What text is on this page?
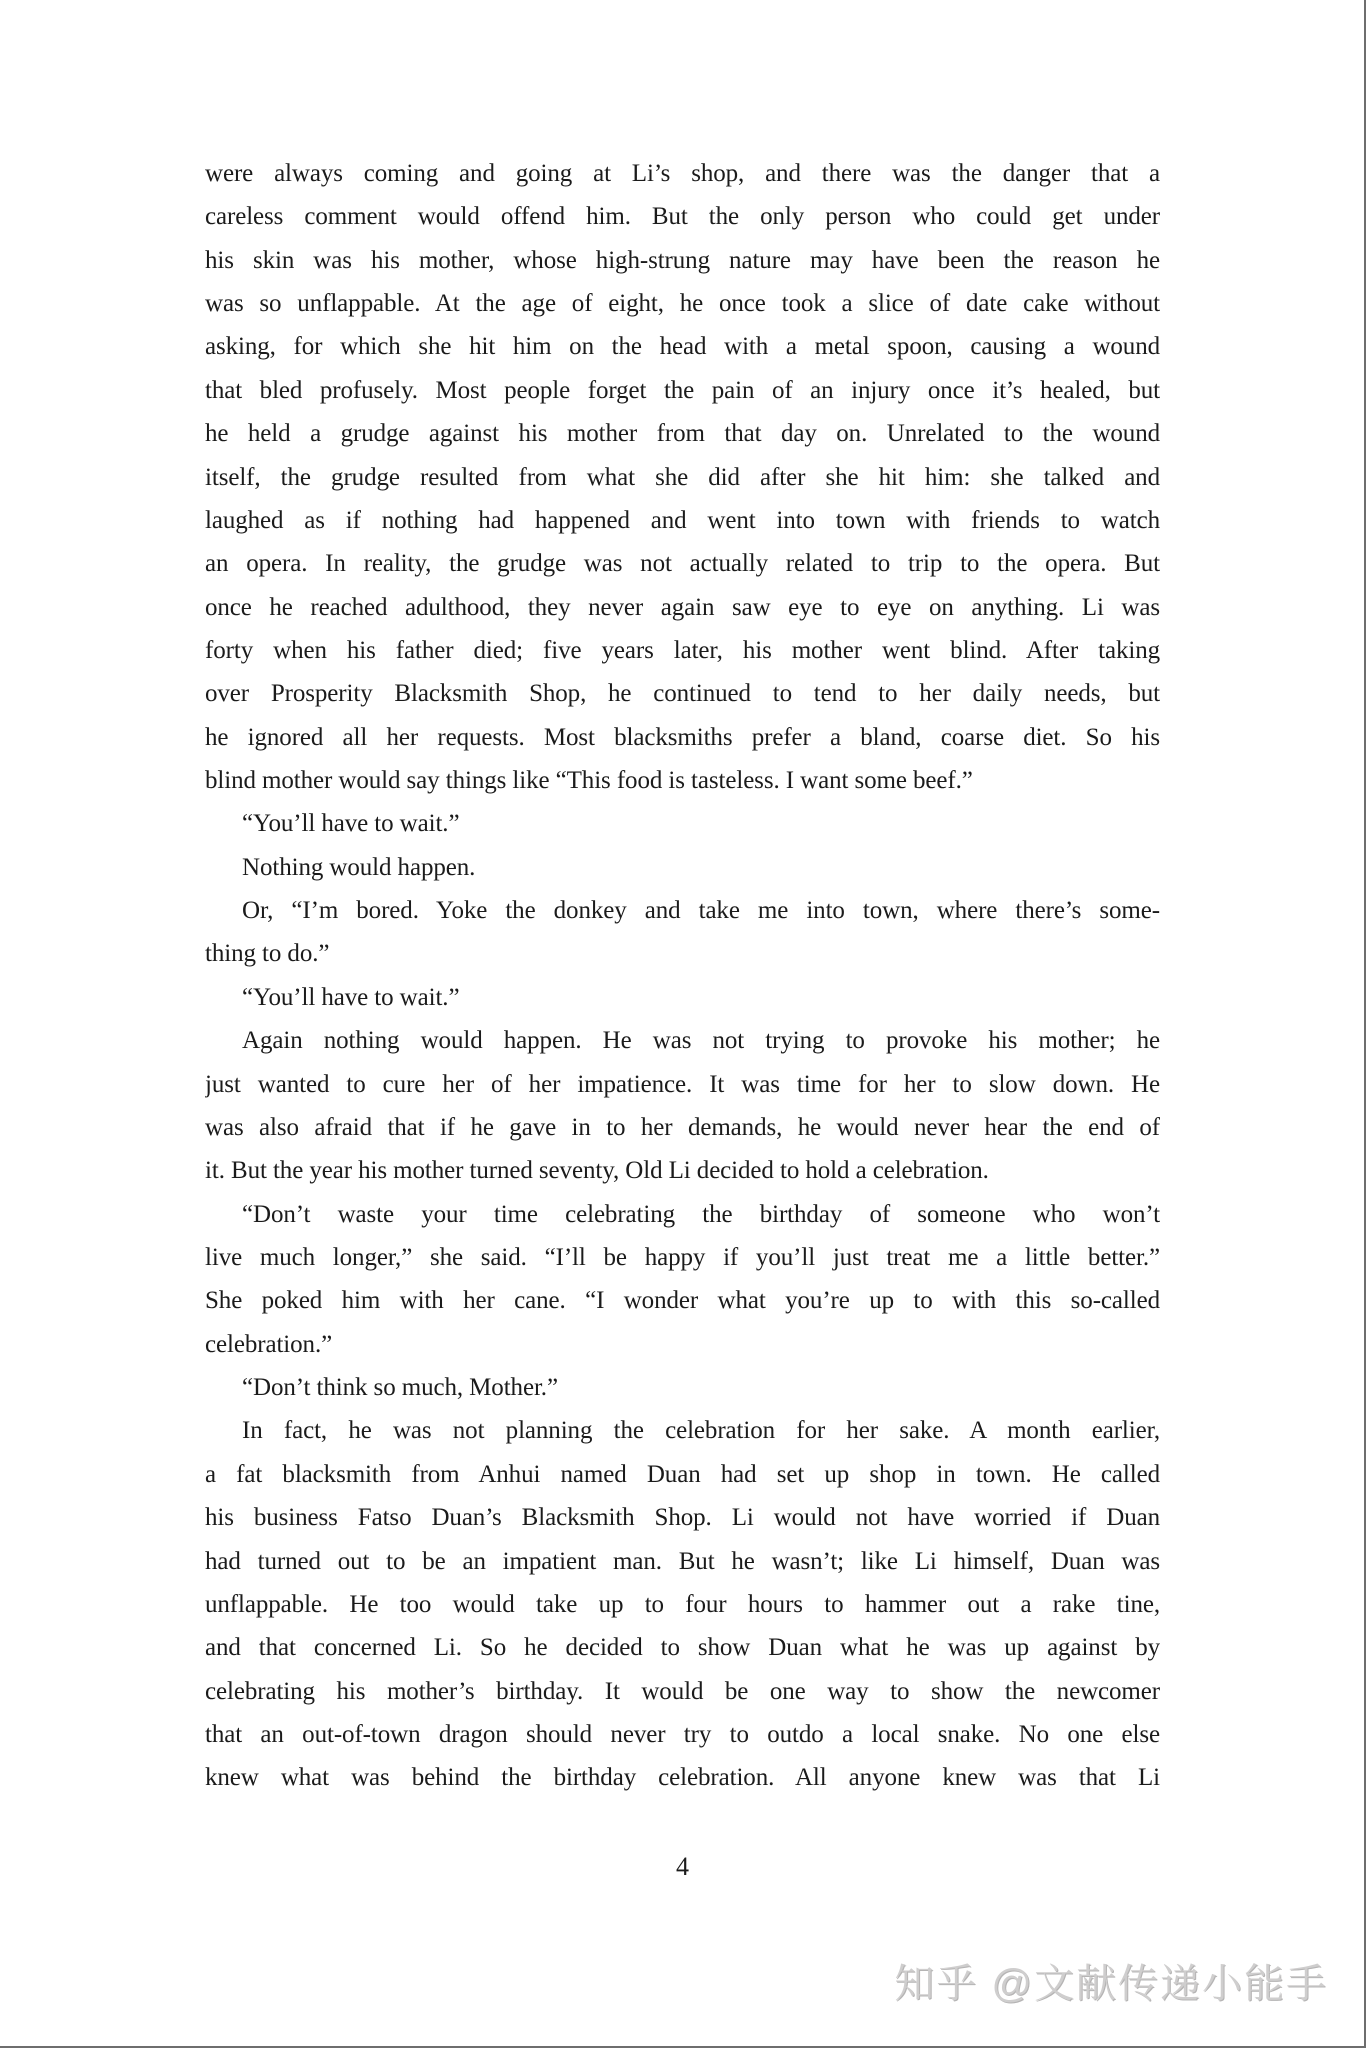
were always coming and going at Li’s shop, and there was the danger that a
careless comment would offend him. But the only person who could get under
his skin was his mother, whose high-strung nature may have been the reason he
was so unflappable. At the age of eight, he once took a slice of date cake without
asking, for which she hit him on the head with a metal spoon, causing a wound
that bled profusely. Most people forget the pain of an injury once it’s healed, but
he held a grudge against his mother from that day on. Unrelated to the wound
itself, the grudge resulted from what she did after she hit him: she talked and
laughed as if nothing had happened and went into town with friends to watch
an opera. In reality, the grudge was not actually related to trip to the opera. But
once he reached adulthood, they never again saw eye to eye on anything. Li was
forty when his father died; five years later, his mother went blind. After taking
over Prosperity Blacksmith Shop, he continued to tend to her daily needs, but
he ignored all her requests. Most blacksmiths prefer a bland, coarse diet. So his
blind mother would say things like “This food is tasteless. I want some beef.”
“You’ll have to wait.”
Nothing would happen.
Or, “I’m bored. Yoke the donkey and take me into town, where there’s some-
thing to do.”
“You’ll have to wait.”
Again nothing would happen. He was not trying to provoke his mother; he
just wanted to cure her of her impatience. It was time for her to slow down. He
was also afraid that if he gave in to her demands, he would never hear the end of
it. But the year his mother turned seventy, Old Li decided to hold a celebration.
“Don’t waste your time celebrating the birthday of someone who won’t
live much longer,” she said. “I’ll be happy if you’ll just treat me a little better.”
She poked him with her cane. “I wonder what you’re up to with this so-called
celebration.”
“Don’t think so much, Mother.”
In fact, he was not planning the celebration for her sake. A month earlier,
a fat blacksmith from Anhui named Duan had set up shop in town. He called
his business Fatso Duan’s Blacksmith Shop. Li would not have worried if Duan
had turned out to be an impatient man. But he wasn’t; like Li himself, Duan was
unflappable. He too would take up to four hours to hammer out a rake tine,
and that concerned Li. So he decided to show Duan what he was up against by
celebrating his mother’s birthday. It would be one way to show the newcomer
that an out-of-town dragon should never try to outdo a local snake. No one else
knew what was behind the birthday celebration. All anyone knew was that Li
4
知乎 @文献传递小能手
